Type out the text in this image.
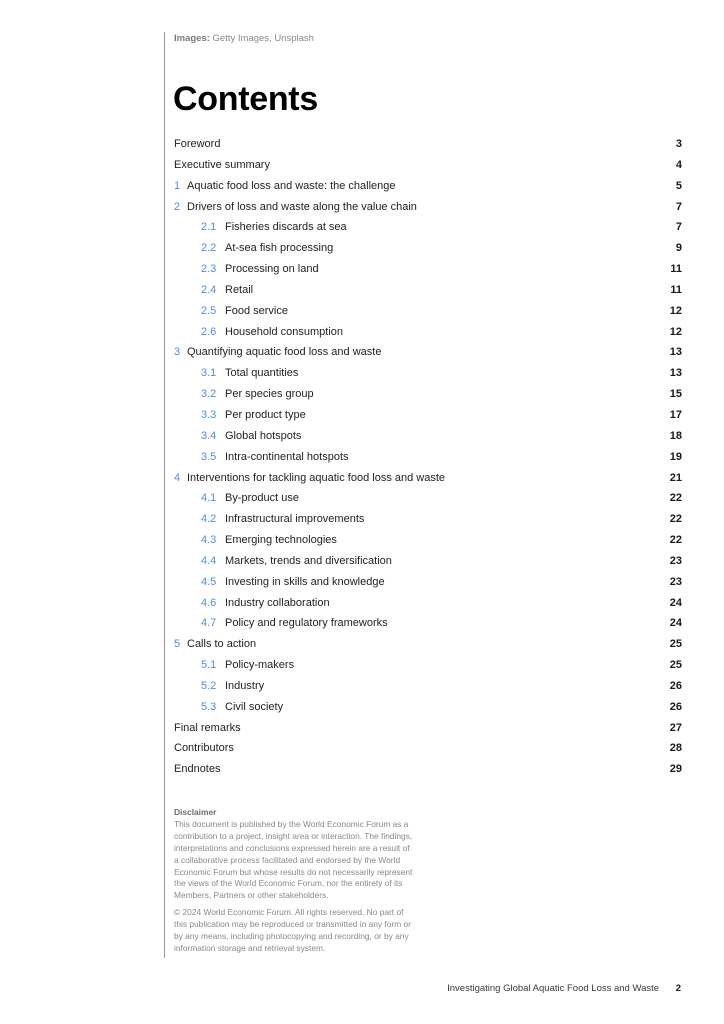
Images: Getty Images, Unsplash
Contents
Foreword	3
Executive summary	4
1 Aquatic food loss and waste: the challenge	5
2 Drivers of loss and waste along the value chain	7
2.1 Fisheries discards at sea	7
2.2 At-sea fish processing	9
2.3 Processing on land	11
2.4 Retail	11
2.5 Food service	12
2.6 Household consumption	12
3 Quantifying aquatic food loss and waste	13
3.1 Total quantities	13
3.2 Per species group	15
3.3 Per product type	17
3.4 Global hotspots	18
3.5 Intra-continental hotspots	19
4 Interventions for tackling aquatic food loss and waste	21
4.1 By-product use	22
4.2 Infrastructural improvements	22
4.3 Emerging technologies	22
4.4 Markets, trends and diversification	23
4.5 Investing in skills and knowledge	23
4.6 Industry collaboration	24
4.7 Policy and regulatory frameworks	24
5 Calls to action	25
5.1 Policy-makers	25
5.2 Industry	26
5.3 Civil society	26
Final remarks	27
Contributors	28
Endnotes	29

Disclaimer

This document is published by the World Economic Forum as a
contribution to a project, insight area or interaction. The findings,
interpretations and conclusions expressed herein are a result of
a collaborative process facilitated and endorsed by the World
Economic Forum but whose results do not necessarily represent
the views of the World Economic Forum, nor the entirety of its
Members, Partners or other stakeholders.

© 2024 World Economic Forum. All rights reserved. No part of
this publication may be reproduced or transmitted in any form or
by any means, including photocopying and recording, or by any
information storage and retrieval system.

Investigating Global Aquatic Food Loss and Waste 2
